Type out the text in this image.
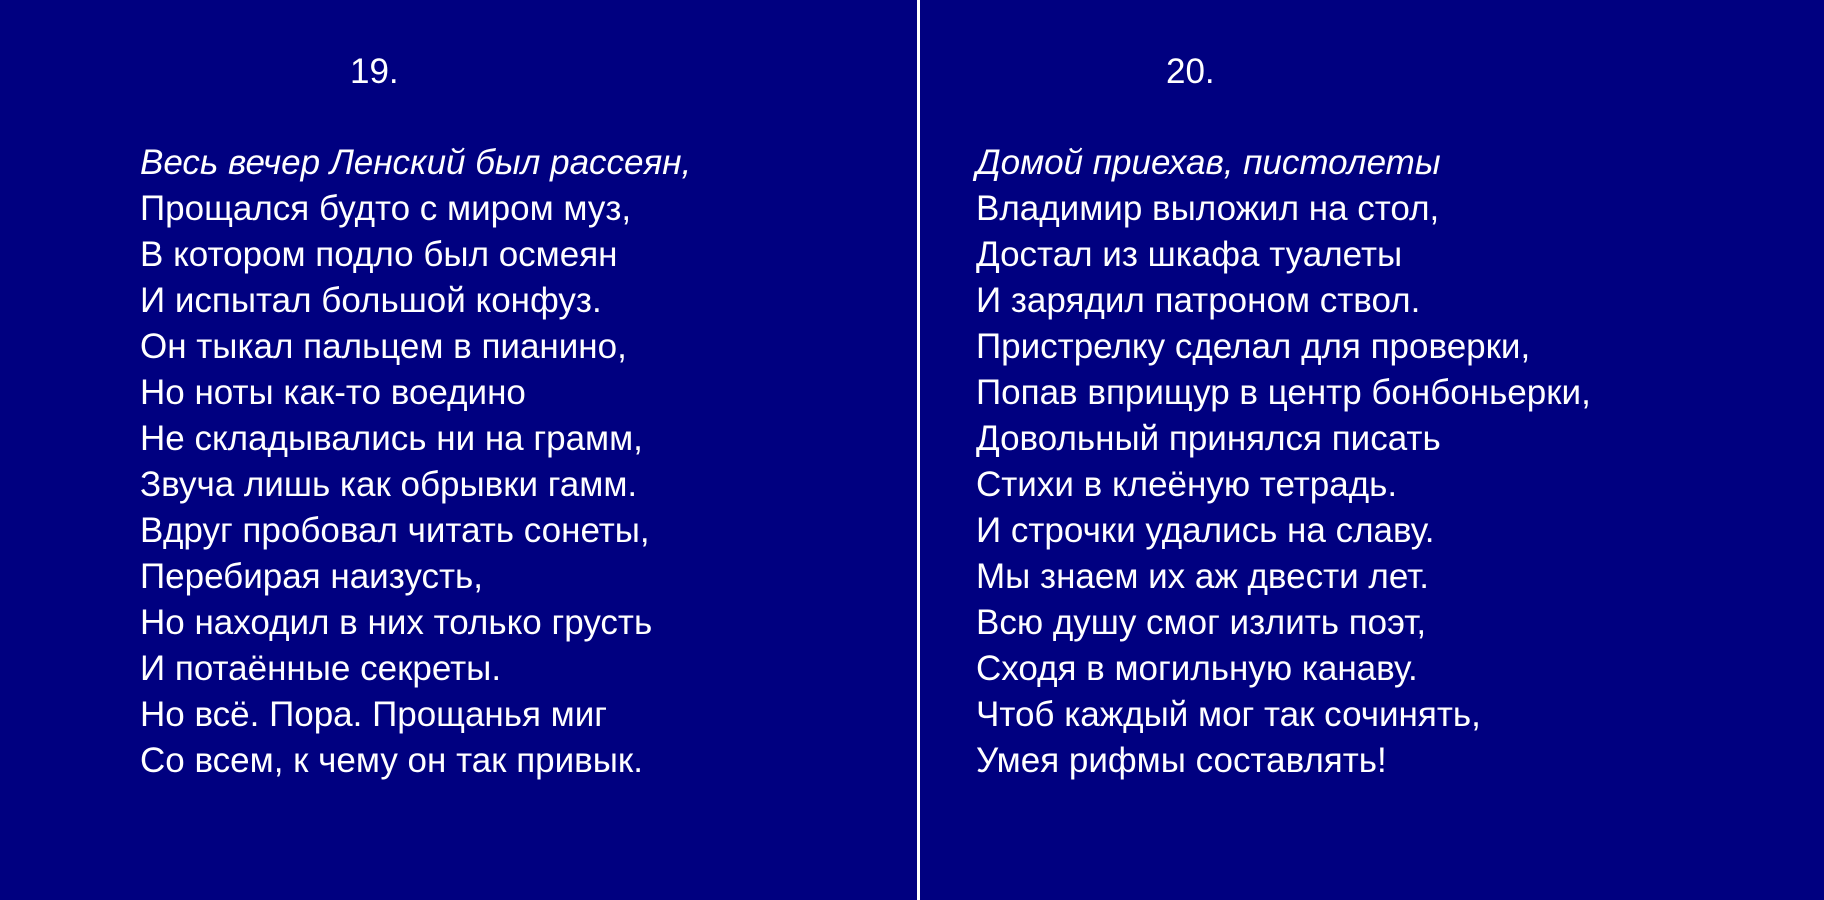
19.
Весь вечер Ленский был рассеян,
Прощался будто с миром муз,
В котором подло был осмеян
И испытал большой конфуз.
Он тыкал пальцем в пианино,
Но ноты как-то воедино
Не складывались ни на грамм,
Звуча лишь как обрывки гамм.
Вдруг пробовал читать сонеты,
Перебирая наизусть,
Но находил в них только грусть
И потаённые секреты.
Но всё. Пора. Прощанья миг
Со всем, к чему он так привык.
20.
Домой приехав, пистолеты
Владимир выложил на стол,
Достал из шкафа туалеты
И зарядил патроном ствол.
Пристрелку сделал для проверки,
Попав вприщур в центр бонбоньерки,
Довольный принялся писать
Стихи в клеёную тетрадь.
И строчки удались на славу.
Мы знаем их аж двести лет.
Всю душу смог излить поэт,
Сходя в могильную канаву.
Чтоб каждый мог так сочинять,
Умея рифмы составлять!
